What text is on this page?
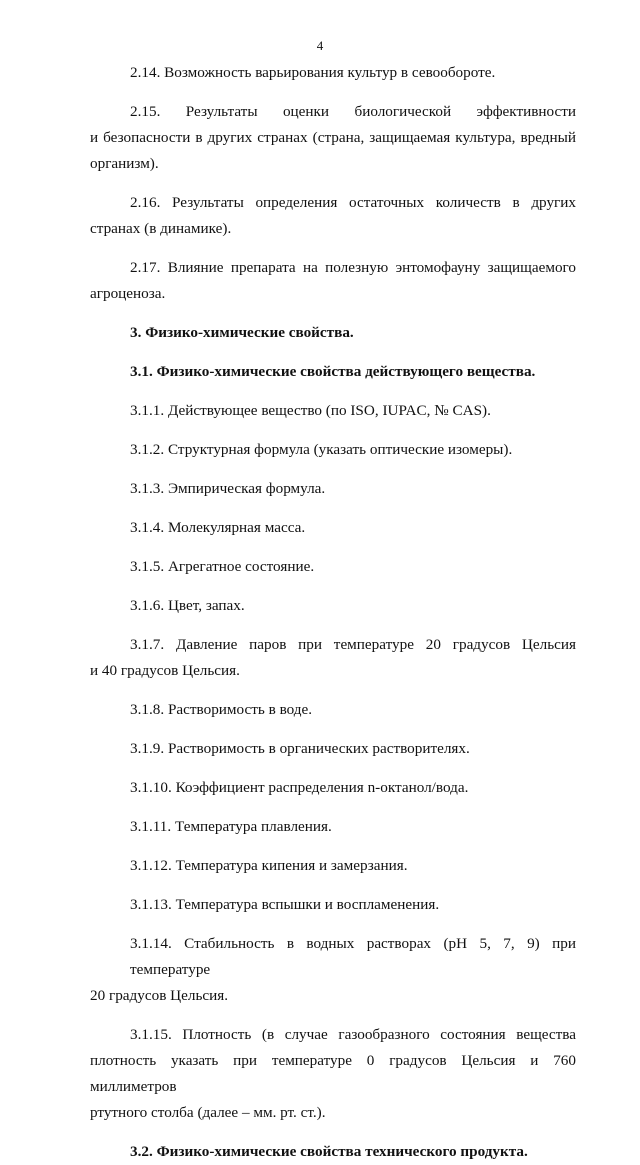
4
2.14. Возможность варьирования культур в севообороте.
2.15. Результаты оценки биологической эффективности
и безопасности в других странах (страна, защищаемая культура, вредный
организм).
2.16. Результаты определения остаточных количеств в других
странах (в динамике).
2.17. Влияние препарата на полезную энтомофауну защищаемого
агроценоза.
3. Физико-химические свойства.
3.1. Физико-химические свойства действующего вещества.
3.1.1. Действующее вещество (по ISO, IUPAC, № CAS).
3.1.2. Структурная формула (указать оптические изомеры).
3.1.3. Эмпирическая формула.
3.1.4. Молекулярная масса.
3.1.5. Агрегатное состояние.
3.1.6. Цвет, запах.
3.1.7. Давление паров при температуре 20 градусов Цельсия
и 40 градусов Цельсия.
3.1.8. Растворимость в воде.
3.1.9. Растворимость в органических растворителях.
3.1.10. Коэффициент распределения n-октанол/вода.
3.1.11. Температура плавления.
3.1.12. Температура кипения и замерзания.
3.1.13. Температура вспышки и воспламенения.
3.1.14. Стабильность в водных растворах (pH 5, 7, 9) при температуре
20 градусов Цельсия.
3.1.15. Плотность (в случае газообразного состояния вещества
плотность указать при температуре 0 градусов Цельсия и 760 миллиметров
ртутного столба (далее – мм. рт. ст.).
3.2. Физико-химические свойства технического продукта.
